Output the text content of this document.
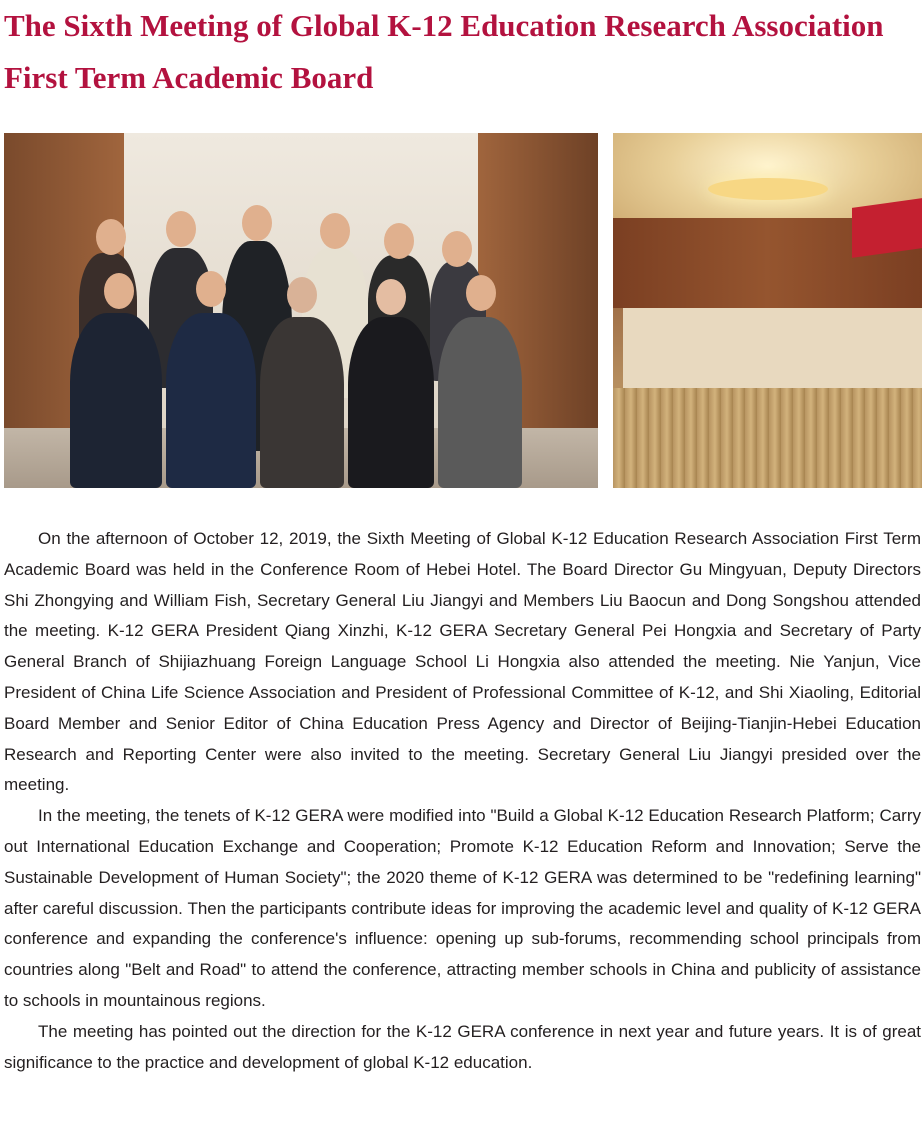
The Sixth Meeting of Global K-12 Education Research Association First Term Academic Board

On the afternoon of October 12, 2019, the Sixth Meeting of Global K-12 Education Research Association First Term Academic Board was held in the Conference Room of Hebei Hotel. The Board Director Gu Mingyuan, Deputy Directors Shi Zhongying and William Fish, Secretary General Liu Jiangyi and Members Liu Baocun and Dong Songshou attended the meeting. K-12 GERA President Qiang Xinzhi, K-12 GERA Secretary General Pei Hongxia and Secretary of Party General Branch of Shijiazhuang Foreign Language School Li Hongxia also attended the meeting. Nie Yanjun, Vice President of China Life Science Association and President of Professional Committee of K-12, and Shi Xiaoling, Editorial Board Member and Senior Editor of China Education Press Agency and Director of Beijing-Tianjin-Hebei Education Research and Reporting Center were also invited to the meeting. Secretary General Liu Jiangyi presided over the meeting.

In the meeting, the tenets of K-12 GERA were modified into "Build a Global K-12 Education Research Platform; Carry out International Education Exchange and Cooperation; Promote K-12 Education Reform and Innovation; Serve the Sustainable Development of Human Society"; the 2020 theme of K-12 GERA was determined to be "redefining learning" after careful discussion. Then the participants contribute ideas for improving the academic level and quality of K-12 GERA conference and expanding the conference's influence: opening up sub-forums, recommending school principals from countries along "Belt and Road" to attend the conference, attracting member schools in China and publicity of assistance to schools in mountainous regions.

The meeting has pointed out the direction for the K-12 GERA conference in next year and future years. It is of great significance to the practice and development of global K-12 education.
